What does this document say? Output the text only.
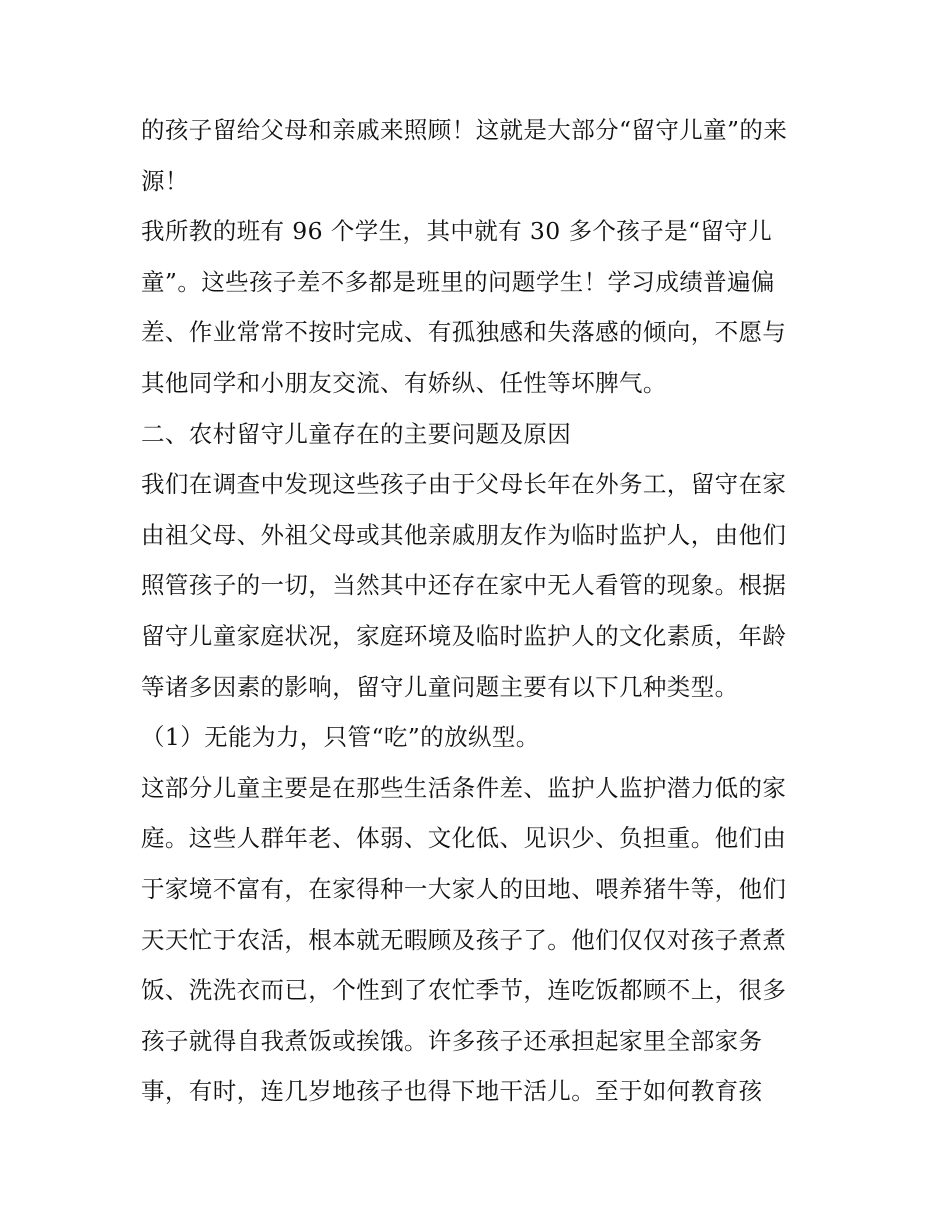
的孩子留给父母和亲戚来照顾！这就是大部分“留守儿童”的来
源！
我所教的班有 96 个学生，其中就有 30 多个孩子是“留守儿
童”。这些孩子差不多都是班里的问题学生！学习成绩普遍偏
差、作业常常不按时完成、有孤独感和失落感的倾向，不愿与
其他同学和小朋友交流、有娇纵、任性等坏脾气。
二、农村留守儿童存在的主要问题及原因
我们在调查中发现这些孩子由于父母长年在外务工，留守在家
由祖父母、外祖父母或其他亲戚朋友作为临时监护人，由他们
照管孩子的一切，当然其中还存在家中无人看管的现象。根据
留守儿童家庭状况，家庭环境及临时监护人的文化素质，年龄
等诸多因素的影响，留守儿童问题主要有以下几种类型。
（1）无能为力，只管“吃”的放纵型。
这部分儿童主要是在那些生活条件差、监护人监护潜力低的家
庭。这些人群年老、体弱、文化低、见识少、负担重。他们由
于家境不富有，在家得种一大家人的田地、喂养猪牛等，他们
天天忙于农活，根本就无暇顾及孩子了。他们仅仅对孩子煮煮
饭、洗洗衣而已，个性到了农忙季节，连吃饭都顾不上，很多
孩子就得自我煮饭或挨饿。许多孩子还承担起家里全部家务
事，有时，连几岁地孩子也得下地干活儿。至于如何教育孩
